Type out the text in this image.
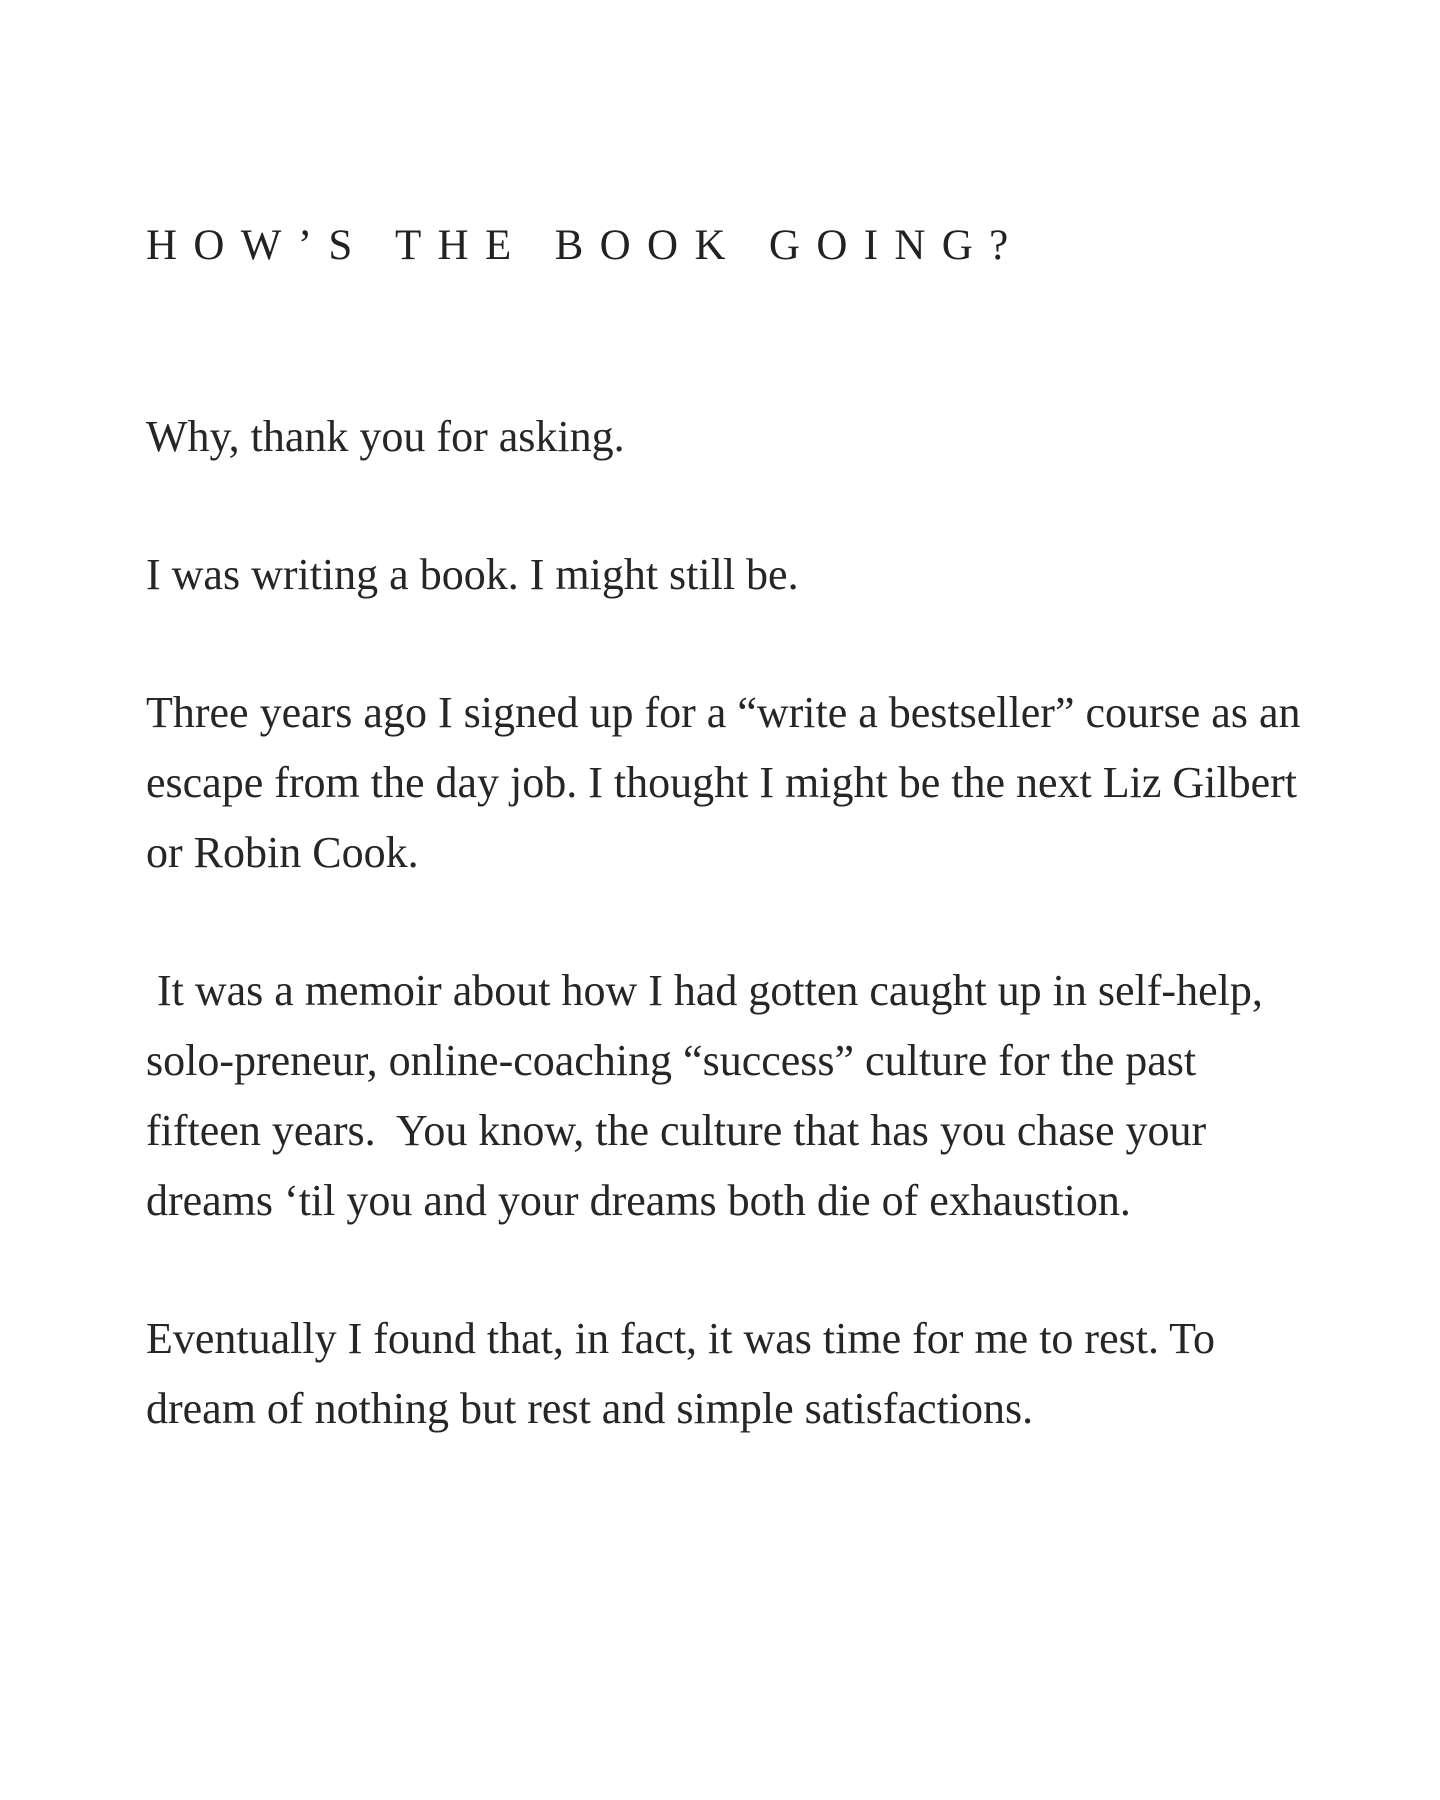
HOW’S THE BOOK GOING?

Why, thank you for asking.

I was writing a book. I might still be.

Three years ago I signed up for a “write a bestseller” course as an escape from the day job. I thought I might be the next Liz Gilbert or Robin Cook.

It was a memoir about how I had gotten caught up in self-help, solo-preneur, online-coaching “success” culture for the past fifteen years.  You know, the culture that has you chase your dreams ‘til you and your dreams both die of exhaustion.

Eventually I found that, in fact, it was time for me to rest. To dream of nothing but rest and simple satisfactions.
